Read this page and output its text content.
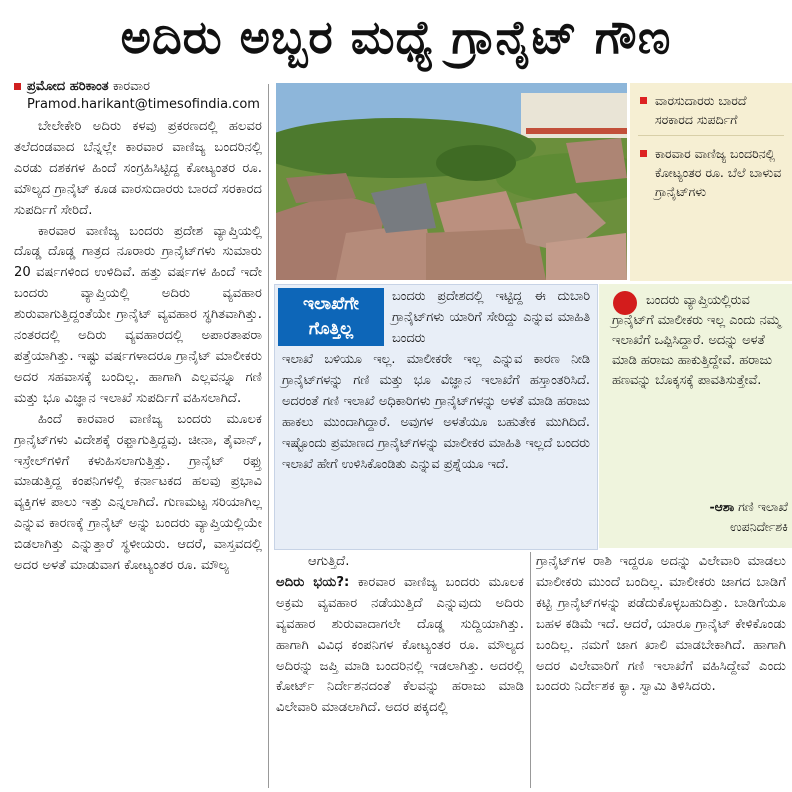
ಅದಿರು ಅಬ್ಬರ ಮಧ್ಯೆ ಗ್ರಾನೈಟ್ ಗೌಣ
ಪ್ರಮೋದ ಹರಿಕಾಂತ ಕಾರವಾರ
Pramod.harikant@timesofindia.com

ಬೇಲೇಕೇರಿ ಅದಿರು ಕಳವು ಪ್ರಕರಣದಲ್ಲಿ ಹಲವರ ತಲೆದಂಡವಾದ ಬೆನ್ನಲ್ಲೇ ಕಾರವಾರ ವಾಣಿಜ್ಯ ಬಂದರಿನಲ್ಲಿ ಎರಡು ದಶಕಗಳ ಹಿಂದೆ ಸಂಗ್ರಹಿಸಿಟ್ಟಿದ್ದ ಕೋಟ್ಯಂತರ ರೂ. ಮೌಲ್ಯದ ಗ್ರಾನೈಟ್ ಕೂಡ ವಾರಸುದಾರರು ಬಾರದೆ ಸರಕಾರದ ಸುಪರ್ದಿಗೆ ಸೇರಿದೆ.

ಕಾರವಾರ ವಾಣಿಜ್ಯ ಬಂದರು ಪ್ರದೇಶ ವ್ಯಾಪ್ತಿಯಲ್ಲಿ ದೊಡ್ಡ ದೊಡ್ಡ ಗಾತ್ರದ ನೂರಾರು ಗ್ರಾನೈಟ್‌ಗಳು ಸುಮಾರು 20 ವರ್ಷಗಳಿಂದ ಉಳಿದಿವೆ. ಹತ್ತು ವರ್ಷಗಳ ಹಿಂದೆ ಇದೇ ಬಂದರು ವ್ಯಾಪ್ತಿಯಲ್ಲಿ ಅದಿರು ವ್ಯವಹಾರ ಶುರುವಾಗುತ್ತಿದ್ದಂತೆಯೇ ಗ್ರಾನೈಟ್ ವ್ಯವಹಾರ ಸ್ಥಗಿತವಾಗಿತ್ತು. ನಂತರದಲ್ಲಿ ಅದಿರು ವ್ಯವಹಾರದಲ್ಲಿ ಅಪಾರತಾಪರಾ ಪತ್ತೆಯಾಗಿತ್ತು. ಇಷ್ಟು ವರ್ಷಗಳಾದರೂ ಗ್ರಾನೈಟ್ ಮಾಲೀಕರು ಅದರ ಸಹವಾಸಕ್ಕೆ ಬಂದಿಲ್ಲ. ಹಾಗಾಗಿ ಎಲ್ಲವನ್ನೂ ಗಣಿ ಮತ್ತು ಭೂ ವಿಜ್ಞಾನ ಇಲಾಖೆ ಸುಪರ್ದಿಗೆ ವಹಿಸಲಾಗಿದೆ.

ಹಿಂದೆ ಕಾರವಾರ ವಾಣಿಜ್ಯ ಬಂದರು ಮೂಲಕ ಗ್ರಾನೈಟ್‌ಗಳು ವಿದೇಶಕ್ಕೆ ರಫ್ತಾಗುತ್ತಿದ್ದವು. ಚೀನಾ, ತೈವಾನ್, ಇಸ್ರೇಲ್‌ಗಳಿಗೆ ಕಳುಹಿಸಲಾಗುತ್ತಿತ್ತು. ಗ್ರಾನೈಟ್ ರಫ್ತು ಮಾಡುತ್ತಿದ್ದ ಕಂಪನಿಗಳಲ್ಲಿ ಕರ್ನಾಟಕದ ಹಲವು ಪ್ರಭಾವಿ ವ್ಯಕ್ತಿಗಳ ಪಾಲು ಇತ್ತು ಎನ್ನಲಾಗಿದೆ. ಗುಣಮಟ್ಟ ಸರಿಯಾಗಿಲ್ಲ ಎನ್ನುವ ಕಾರಣಕ್ಕೆ ಗ್ರಾನೈಟ್ ಅನ್ನು ಬಂದರು ವ್ಯಾಪ್ತಿಯಲ್ಲಿಯೇ ಬಿಡಲಾಗಿತ್ತು ಎನ್ನುತ್ತಾರೆ ಸ್ಥಳೀಯರು. ಆದರೆ, ವಾಸ್ತವದಲ್ಲಿ ಅದರ ಅಳತೆ ಮಾಡುವಾಗ ಕೋಟ್ಯಂತರ ರೂ. ಮೌಲ್ಯ

ವಾರಸುದಾರರು ಬಾರದೆ ಸರಕಾರದ ಸುಪರ್ದಿಗೆ
ಕಾರವಾರ ವಾಣಿಜ್ಯ ಬಂದರಿನಲ್ಲಿ ಕೋಟ್ಯಂತರ ರೂ. ಬೆಲೆ ಬಾಳುವ ಗ್ರಾನೈಟ್‌ಗಳು
ಇಲಾಖೆಗೇ
ಗೊತ್ತಿಲ್ಲ
ಬಂದರು ಪ್ರದೇಶದಲ್ಲಿ ಇಟ್ಟಿದ್ದ ಈ ದುಬಾರಿ ಗ್ರಾನೈಟ್‌ಗಳು ಯಾರಿಗೆ ಸೇರಿದ್ದು ಎನ್ನುವ ಮಾಹಿತಿ ಬಂದರು
ಇಲಾಖೆ ಬಳಿಯೂ ಇಲ್ಲ. ಮಾಲೀಕರೇ ಇಲ್ಲ ಎನ್ನುವ ಕಾರಣ ನೀಡಿ ಗ್ರಾನೈಟ್‌ಗಳನ್ನು ಗಣಿ ಮತ್ತು ಭೂ ವಿಜ್ಞಾನ ಇಲಾಖೆಗೆ ಹಸ್ತಾಂತರಿಸಿದೆ. ಅದರಂತೆ ಗಣಿ ಇಲಾಖೆ ಅಧಿಕಾರಿಗಳು ಗ್ರಾನೈಟ್‌ಗಳನ್ನು ಅಳತೆ ಮಾಡಿ ಹರಾಜು ಹಾಕಲು ಮುಂದಾಗಿದ್ದಾರೆ. ಅವುಗಳ ಅಳತೆಯೂ ಬಹುತೇಕ ಮುಗಿದಿದೆ. ಇಷ್ಟೊಂದು ಪ್ರಮಾಣದ ಗ್ರಾನೈಟ್‌ಗಳನ್ನು ಮಾಲೀಕರ ಮಾಹಿತಿ ಇಲ್ಲದೆ ಬಂದರು ಇಲಾಖೆ ಹೇಗೆ ಉಳಿಸಿಕೊಂಡಿತು ಎನ್ನುವ ಪ್ರಶ್ನೆಯೂ ಇದೆ.
ಬಂದರು ವ್ಯಾಪ್ತಿಯಲ್ಲಿರುವ ಗ್ರಾನೈಟ್‌ಗೆ ಮಾಲೀಕರು ಇಲ್ಲ ಎಂದು ನಮ್ಮ ಇಲಾಖೆಗೆ ಒಪ್ಪಿಸಿದ್ದಾರೆ. ಅದನ್ನು ಅಳತೆ ಮಾಡಿ ಹರಾಜು ಹಾಕುತ್ತಿದ್ದೇವೆ. ಹರಾಜು ಹಣವನ್ನು ಬೊಕ್ಕಸಕ್ಕೆ ಪಾವತಿಸುತ್ತೇವೆ.
-ಆಶಾ ಗಣಿ ಇಲಾಖೆ
ಉಪನಿರ್ದೇಶಕಿ

ಆಗುತ್ತಿದೆ.

ಅದಿರು ಭಯ?: ಕಾರವಾರ ವಾಣಿಜ್ಯ ಬಂದರು ಮೂಲಕ ಅಕ್ರಮ ವ್ಯವಹಾರ ನಡೆಯುತ್ತಿದೆ ಎನ್ನುವುದು ಅದಿರು ವ್ಯವಹಾರ ಶುರುವಾದಾಗಲೇ ದೊಡ್ಡ ಸುದ್ದಿಯಾಗಿತ್ತು. ಹಾಗಾಗಿ ವಿವಿಧ ಕಂಪನಿಗಳ ಕೋಟ್ಯಂತರ ರೂ. ಮೌಲ್ಯದ ಅದಿರನ್ನು ಜಪ್ತಿ ಮಾಡಿ ಬಂದರಿನಲ್ಲಿ ಇಡಲಾಗಿತ್ತು. ಅದರಲ್ಲಿ ಕೋರ್ಟ್ ನಿರ್ದೇಶನದಂತೆ ಕೆಲವನ್ನು ಹರಾಜು ಮಾಡಿ ವಿಲೇವಾರಿ ಮಾಡಲಾಗಿದೆ. ಅದರ ಪಕ್ಕದಲ್ಲಿ

ಗ್ರಾನೈಟ್‌ಗಳ ರಾಶಿ ಇದ್ದರೂ ಅದನ್ನು ವಿಲೇವಾರಿ ಮಾಡಲು ಮಾಲೀಕರು ಮುಂದೆ ಬಂದಿಲ್ಲ. ಮಾಲೀಕರು ಜಾಗದ ಬಾಡಿಗೆ ಕಟ್ಟಿ ಗ್ರಾನೈಟ್‌ಗಳನ್ನು ಪಡೆದುಕೊಳ್ಳಬಹುದಿತ್ತು. ಬಾಡಿಗೆಯೂ ಬಹಳ ಕಡಿಮೆ ಇದೆ. ಆದರೆ, ಯಾರೂ ಗ್ರಾನೈಟ್ ಕೇಳಿಕೊಂಡು ಬಂದಿಲ್ಲ. ನಮಗೆ ಜಾಗ ಖಾಲಿ ಮಾಡಬೇಕಾಗಿದೆ. ಹಾಗಾಗಿ ಅದರ ವಿಲೇವಾರಿಗೆ ಗಣಿ ಇಲಾಖೆಗೆ ವಹಿಸಿದ್ದೇವೆ ಎಂದು ಬಂದರು ನಿರ್ದೇಶಕ ಕ್ಯಾ. ಸ್ವಾಮಿ ತಿಳಿಸಿದರು.
